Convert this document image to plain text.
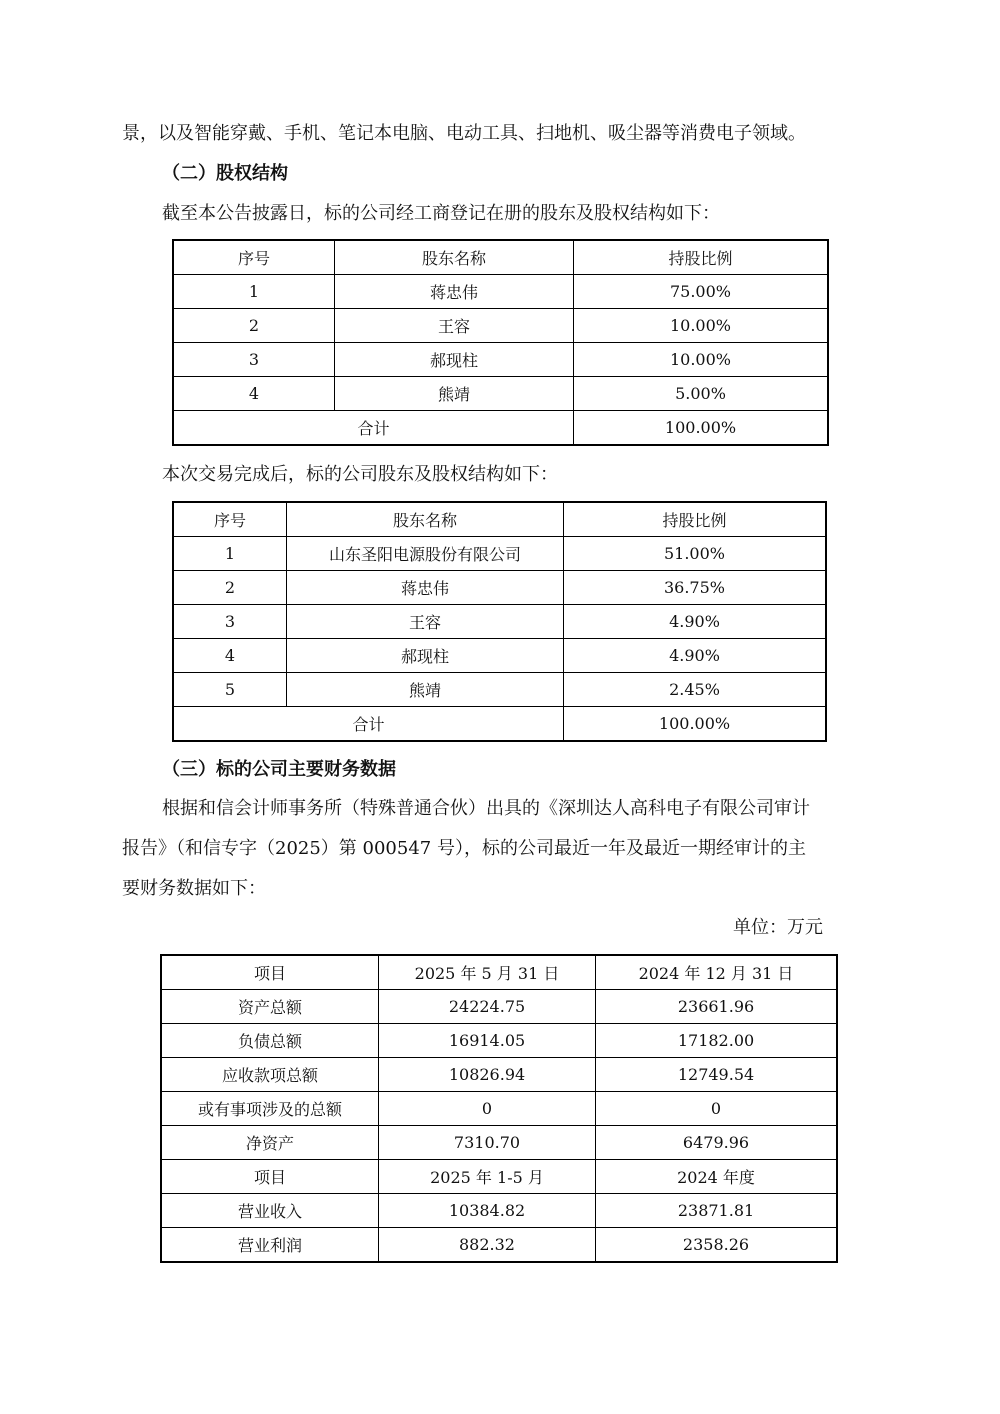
景，以及智能穿戴、手机、笔记本电脑、电动工具、扫地机、吸尘器等消费电子领域。
（二）股权结构
截至本公告披露日，标的公司经工商登记在册的股东及股权结构如下：
序号	股东名称	持股比例
1	蒋忠伟	75.00%
2	王容	10.00%
3	郝现柱	10.00%
4	熊靖	5.00%
合计		100.00%
本次交易完成后，标的公司股东及股权结构如下：
序号	股东名称	持股比例
1	山东圣阳电源股份有限公司	51.00%
2	蒋忠伟	36.75%
3	王容	4.90%
4	郝现柱	4.90%
5	熊靖	2.45%
合计		100.00%
（三）标的公司主要财务数据
根据和信会计师事务所（特殊普通合伙）出具的《深圳达人高科电子有限公司审计
报告》（和信专字（2025）第 000547 号），标的公司最近一年及最近一期经审计的主
要财务数据如下：
单位：万元
项目	2025 年 5 月 31 日	2024 年 12 月 31 日
资产总额	24224.75	23661.96
负债总额	16914.05	17182.00
应收款项总额	10826.94	12749.54
或有事项涉及的总额	0	0
净资产	7310.70	6479.96
项目	2025 年 1-5 月	2024 年度
营业收入	10384.82	23871.81
营业利润	882.32	2358.26
